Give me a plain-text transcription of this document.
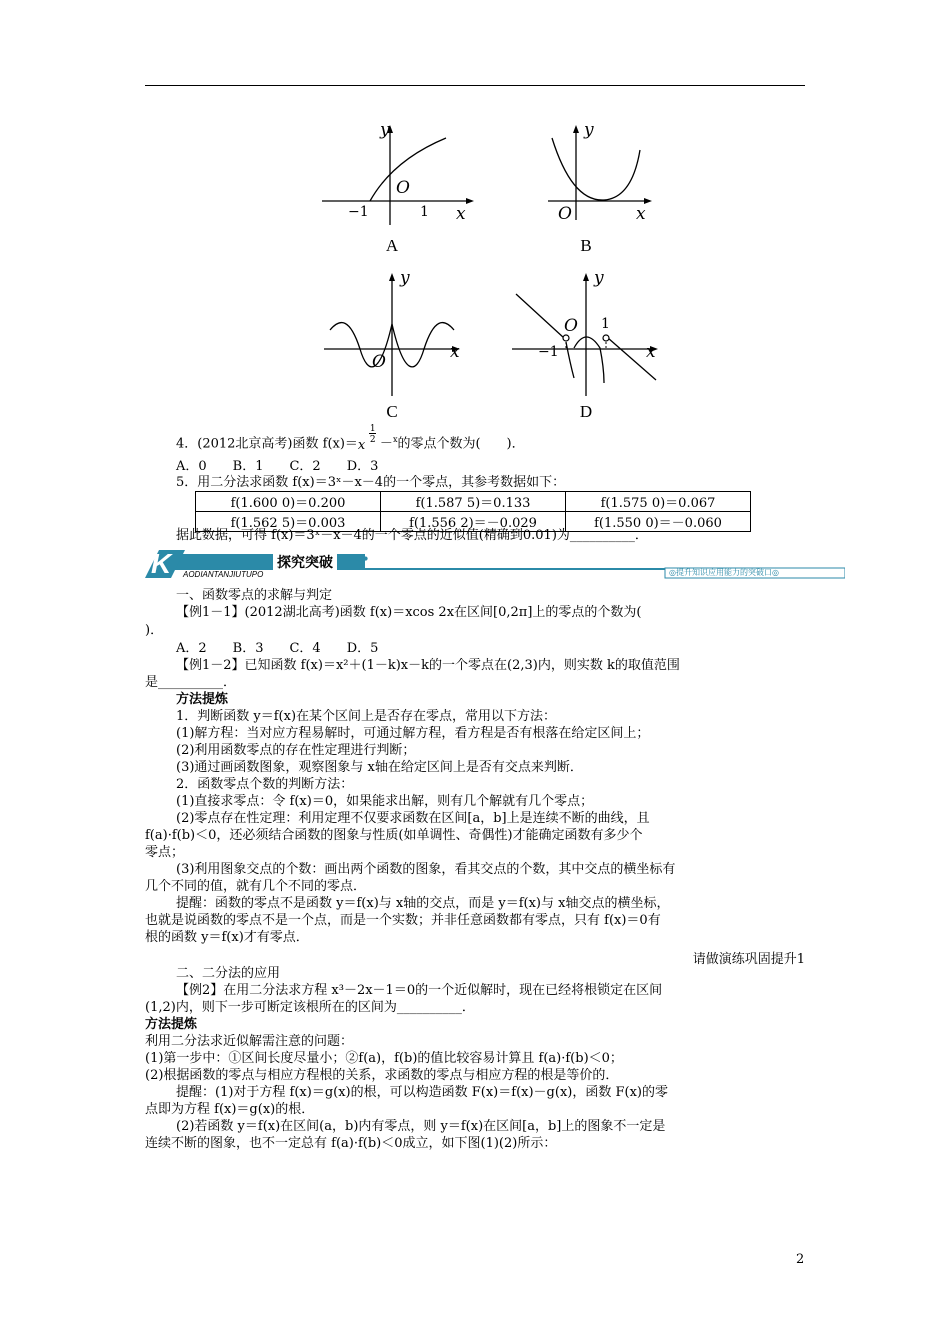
y
x
O
−1	1
A
y
x
O
B
y
x
O
C
y
x
O
−1
1
D
4．(2012北京高考)函数 f(x)＝ x
1
2 －$^x$的零点个数为(　　)．
A．0　　B．1　　C．2　　D．3
5．用二分法求函数 f(x)＝3ˣ－x－4的一个零点，其参考数据如下：
f(1.600 0)＝0.200	f(1.587 5)＝0.133	f(1.575 0)＝0.067
f(1.562 5)＝0.003	f(1.556 2)＝－0.029	f(1.550 0)＝－0.060
据此数据，可得 f(x)＝3ˣ－x－4的一个零点的近似值(精确到0.01)为__________．
K	探究突破 •••
AODIANTANJIUTUPO	◎提升知识应用能力的突破口◎
一、函数零点的求解与判定
【例1－1】(2012湖北高考)函数 f(x)＝xcos 2x在区间[0,2π]上的零点的个数为(
)．
A．2　　B．3　　C．4　　D．5
【例1－2】已知函数 f(x)＝x²＋(1－k)x－k的一个零点在(2,3)内，则实数 k的取值范围
是__________．
方法提炼
1．判断函数 y＝f(x)在某个区间上是否存在零点，常用以下方法：
(1)解方程：当对应方程易解时，可通过解方程，看方程是否有根落在给定区间上；
(2)利用函数零点的存在性定理进行判断；
(3)通过画函数图象，观察图象与 x轴在给定区间上是否有交点来判断．
2．函数零点个数的判断方法：
(1)直接求零点：令 f(x)＝0，如果能求出解，则有几个解就有几个零点；
(2)零点存在性定理：利用定理不仅要求函数在区间[a，b]上是连续不断的曲线，且
f(a)·f(b)＜0，还必须结合函数的图象与性质(如单调性、奇偶性)才能确定函数有多少个
零点；
(3)利用图象交点的个数：画出两个函数的图象，看其交点的个数，其中交点的横坐标有
几个不同的值，就有几个不同的零点．
提醒：函数的零点不是函数 y＝f(x)与 x轴的交点，而是 y＝f(x)与 x轴交点的横坐标，
也就是说函数的零点不是一个点，而是一个实数；并非任意函数都有零点，只有 f(x)＝0有
根的函数 y＝f(x)才有零点．
请做演练巩固提升1
二、二分法的应用
【例2】在用二分法求方程 x³－2x－1＝0的一个近似解时，现在已经将根锁定在区间
(1,2)内，则下一步可断定该根所在的区间为__________．
方法提炼
利用二分法求近似解需注意的问题：
(1)第一步中：①区间长度尽量小；②f(a)，f(b)的值比较容易计算且 f(a)·f(b)＜0；
(2)根据函数的零点与相应方程根的关系，求函数的零点与相应方程的根是等价的．
提醒：(1)对于方程 f(x)＝g(x)的根，可以构造函数 F(x)＝f(x)－g(x)，函数 F(x)的零
点即为方程 f(x)＝g(x)的根．
(2)若函数 y＝f(x)在区间(a，b)内有零点，则 y＝f(x)在区间[a，b]上的图象不一定是
连续不断的图象，也不一定总有 f(a)·f(b)＜0成立，如下图(1)(2)所示：
2
